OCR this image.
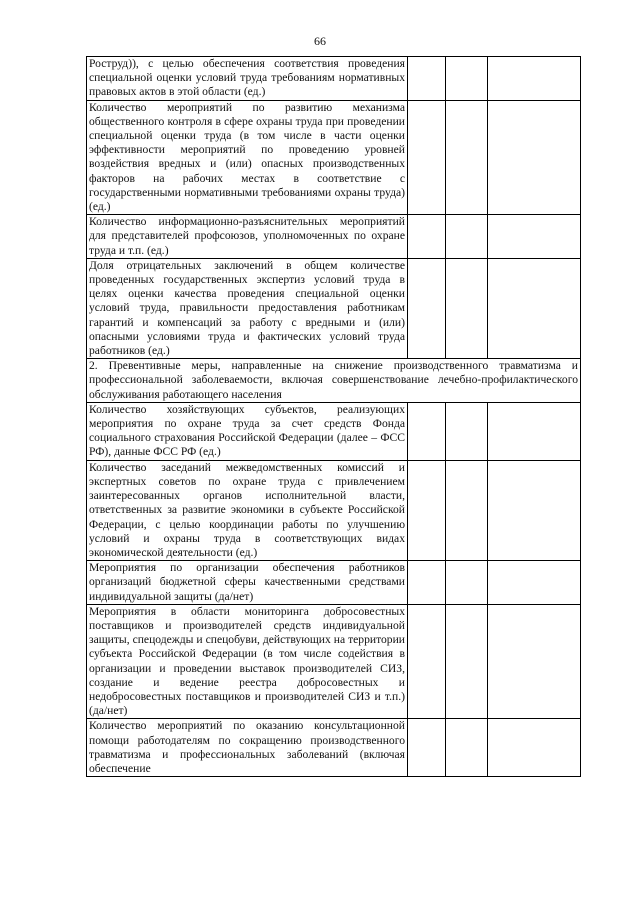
66
Роструд)), с целью обеспечения соответствия проведения специальной оценки условий труда требованиям нормативных правовых актов в этой области (ед.)			
Количество мероприятий по развитию механизма общественного контроля в сфере охраны труда при проведении специальной оценки труда (в том числе в части оценки эффективности мероприятий по проведению уровней воздействия вредных и (или) опасных производственных факторов на рабочих местах в соответствие с государственными нормативными требованиями охраны труда) (ед.)			
Количество информационно-разъяснительных мероприятий для представителей профсоюзов, уполномоченных по охране труда и т.п. (ед.)			
Доля отрицательных заключений в общем количестве проведенных государственных экспертиз условий труда в целях оценки качества проведения специальной оценки условий труда, правильности предоставления работникам гарантий и компенсаций за работу с вредными и (или) опасными условиями труда и фактических условий труда работников (ед.)			
2. Превентивные меры, направленные на снижение производственного травматизма и профессиональной заболеваемости, включая совершенствование лечебно-профилактического обслуживания работающего населения			
Количество хозяйствующих субъектов, реализующих мероприятия по охране труда за счет средств Фонда социального страхования Российской Федерации (далее – ФСС РФ), данные ФСС РФ (ед.)			
Количество заседаний межведомственных комиссий и экспертных советов по охране труда с привлечением заинтересованных органов исполнительной власти, ответственных за развитие экономики в субъекте Российской Федерации, с целью координации работы по улучшению условий и охраны труда в соответствующих видах экономической деятельности (ед.)			
Мероприятия по организации обеспечения работников организаций бюджетной сферы качественными средствами индивидуальной защиты (да/нет)			
Мероприятия в области мониторинга добросовестных поставщиков и производителей средств индивидуальной защиты, спецодежды и спецобуви, действующих на территории субъекта Российской Федерации (в том числе содействия в организации и проведении выставок производителей СИЗ, создание и ведение реестра добросовестных и недобросовестных поставщиков и производителей СИЗ и т.п.) (да/нет)			
Количество мероприятий по оказанию консультационной помощи работодателям по сокращению производственного травматизма и профессиональных заболеваний (включая обеспечение			
